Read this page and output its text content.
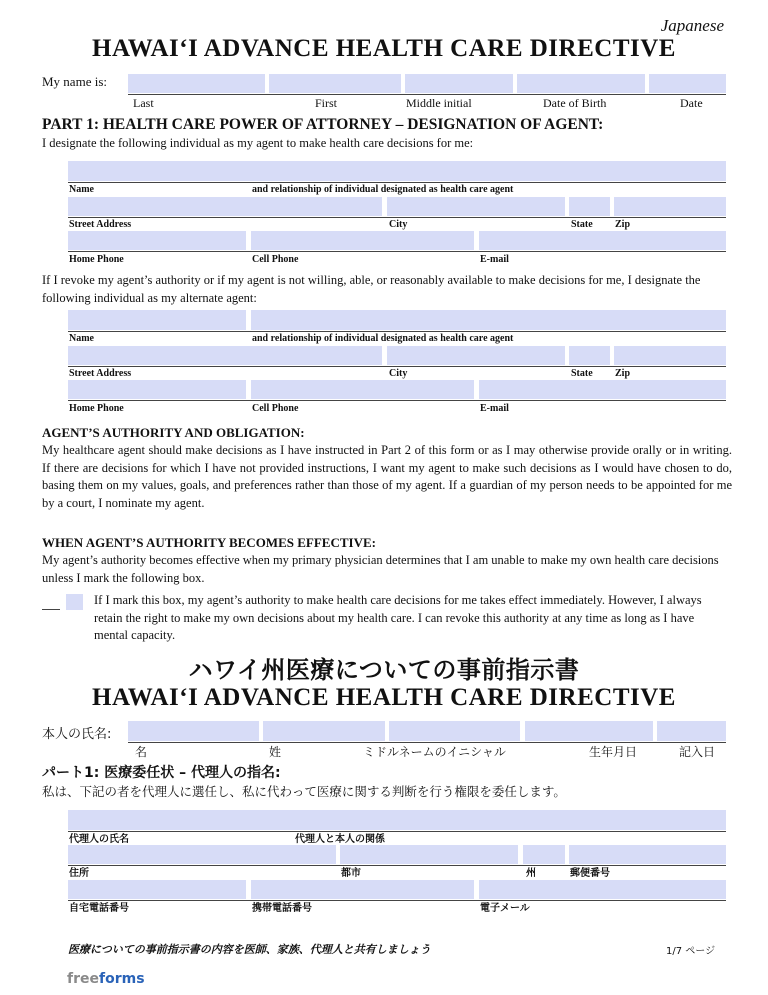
Japanese
HAWAI‘I ADVANCE HEALTH CARE DIRECTIVE
My name is:
Last	First	Middle initial	Date of Birth	Date
PART 1: HEALTH CARE POWER OF ATTORNEY – DESIGNATION OF AGENT:
I designate the following individual as my agent to make health care decisions for me:
Name	and relationship of individual designated as health care agent
Street Address	City	State Zip
Home Phone	Cell Phone	E-mail
If I revoke my agent’s authority or if my agent is not willing, able, or reasonably available to make decisions for me, I designate the following individual as my alternate agent:
Name	and relationship of individual designated as health care agent
Street Address	City	State Zip
Home Phone	Cell Phone	E-mail
AGENT’S AUTHORITY AND OBLIGATION:
My healthcare agent should make decisions as I have instructed in Part 2 of this form or as I may otherwise provide orally or in writing. If there are decisions for which I have not provided instructions, I want my agent to make such decisions as I would have chosen to do, basing them on my values, goals, and preferences rather than those of my agent. If a guardian of my person needs to be appointed for me by a court, I nominate my agent.
WHEN AGENT’S AUTHORITY BECOMES EFFECTIVE:
My agent’s authority becomes effective when my primary physician determines that I am unable to make my own health care decisions unless I mark the following box.
If I mark this box, my agent’s authority to make health care decisions for me takes effect immediately. However, I always retain the right to make my own decisions about my health care. I can revoke this authority at any time as long as I have mental capacity.
ハワイ州医療についての事前指示書
HAWAI‘I ADVANCE HEALTH CARE DIRECTIVE
本人の氏名:
名	姓	ミドルネームのイニシャル	生年月日	記入日
パート1: 医療委任状 – 代理人の指名:
私は、下記の者を代理人に選任し、私に代わって医療に関する判断を行う権限を委任します。
代理人の氏名	代理人と本人の関係
住所	都市	州	郵便番号
自宅電話番号	携帯電話番号	電子メール
医療についての事前指示書の内容を医師、家族、代理人と共有しましょう	1/7 ページ
freeforms
